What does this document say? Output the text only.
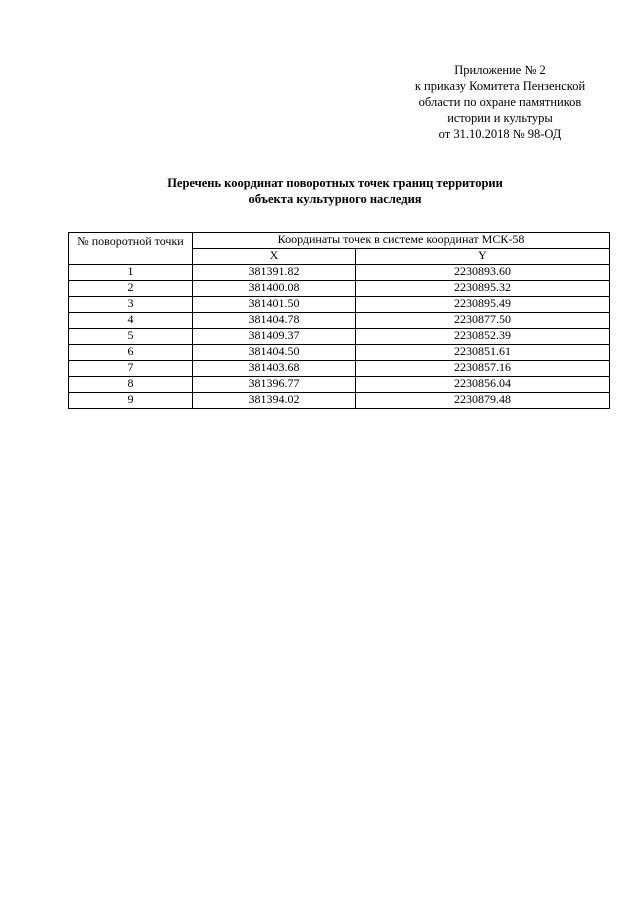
Приложение № 2
к приказу Комитета Пензенской
области по охране памятников
истории и культуры
от 31.10.2018 № 98-ОД
Перечень координат поворотных точек границ территории
объекта культурного наследия
№ поворотной точки	Координаты точек в системе координат МСК-58	
	X	Y
1	381391.82	2230893.60
2	381400.08	2230895.32
3	381401.50	2230895.49
4	381404.78	2230877.50
5	381409.37	2230852.39
6	381404.50	2230851.61
7	381403.68	2230857.16
8	381396.77	2230856.04
9	381394.02	2230879.48
